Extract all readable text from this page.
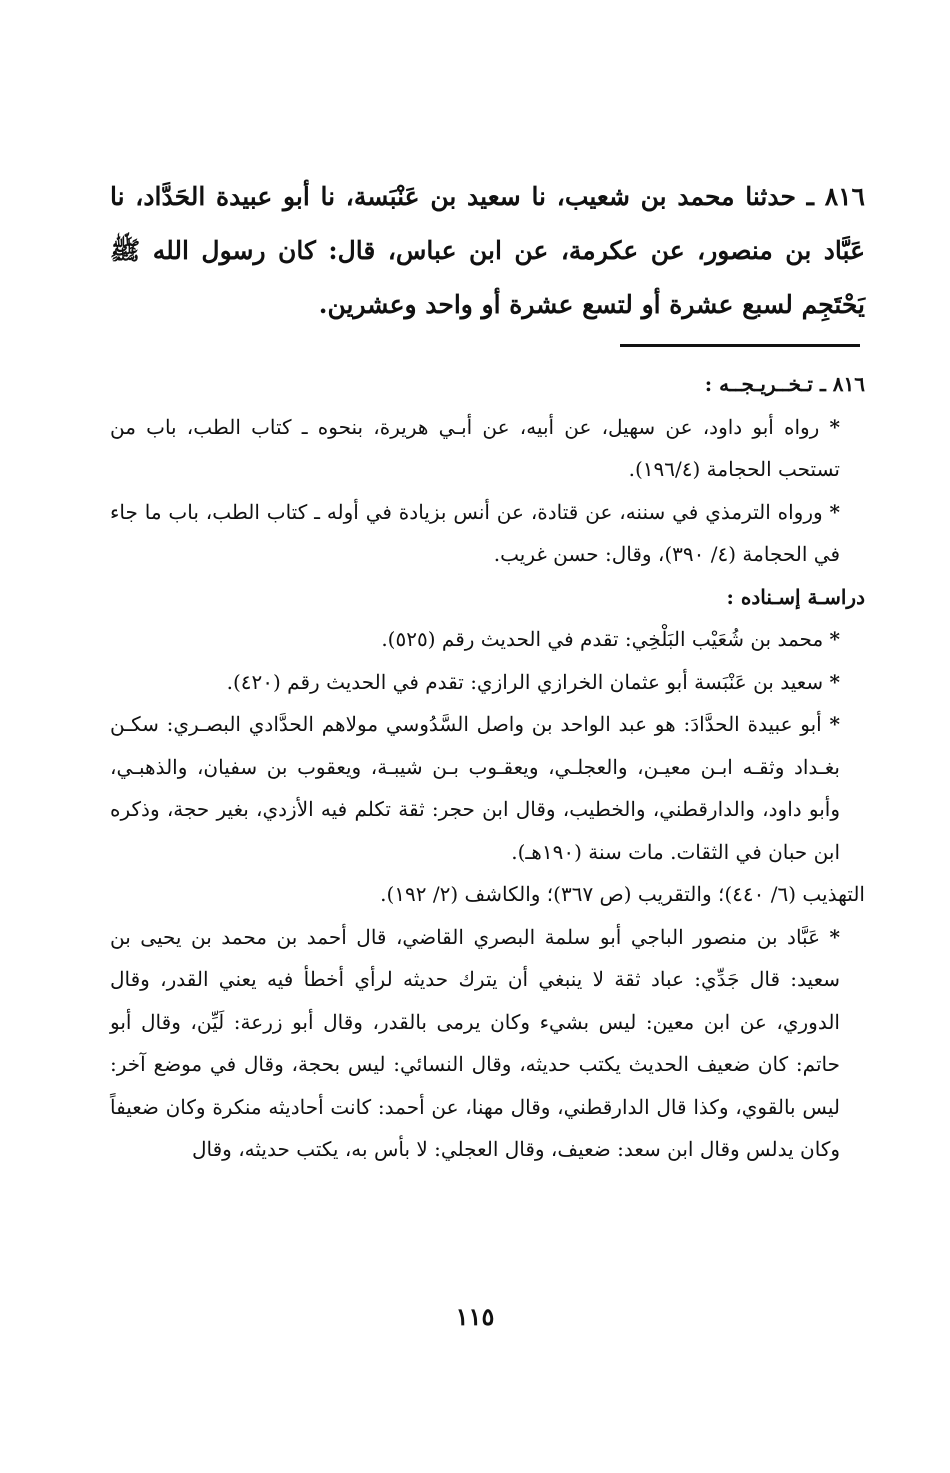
٨١٦ ـ حدثنا محمد بن شعيب، نا سعيد بن عَنْبَسة، نا أبو عبيدة الحَدَّاد، نا عَبَّاد بن منصور، عن عكرمة، عن ابن عباس، قال: كان رسول الله ﷺ يَحْتَجِم لسبع عشرة أو لتسع عشرة أو واحد وعشرين.

٨١٦ ـ تـخــريـجــه :

* رواه أبو داود، عن سهيل، عن أبيه، عن أبـي هريرة، بنحوه ـ كتاب الطب، باب من تستحب الحجامة (١٩٦/٤).

* ورواه الترمذي في سننه، عن قتادة، عن أنس بزيادة في أوله ـ كتاب الطب، باب ما جاء في الحجامة (٤/ ٣٩٠)، وقال: حسن غريب.

دراسـة إسـناده :

* محمد بن شُعَيْب البَلْخِي: تقدم في الحديث رقم (٥٢٥).

* سعيد بن عَنْبَسة أبو عثمان الخرازي الرازي: تقدم في الحديث رقم (٤٢٠).

* أبو عبيدة الحدَّادَ: هو عبد الواحد بن واصل السَّدُوسي مولاهم الحدَّادي البصـري: سكـن بغـداد وثقـه ابـن معيـن، والعجلـي، ويعقـوب بـن شيبـة، ويعقوب بن سفيان، والذهبـي، وأبو داود، والدارقطني، والخطيب، وقال ابن حجر: ثقة تكلم فيه الأزدي، بغير حجة، وذكره ابن حبان في الثقات. مات سنة (١٩٠هـ).

التهذيب (٦/ ٤٤٠)؛ والتقريب (ص ٣٦٧)؛ والكاشف (٢/ ١٩٢).

* عَبَّاد بن منصور الباجي أبو سلمة البصري القاضي، قال أحمد بن محمد بن يحيى بن سعيد: قال جَدِّي: عباد ثقة لا ينبغي أن يترك حديثه لرأي أخطأ فيه يعني القدر، وقال الدوري، عن ابن معين: ليس بشيء وكان يرمى بالقدر، وقال أبو زرعة: لَيِّن، وقال أبو حاتم: كان ضعيف الحديث يكتب حديثه، وقال النسائي: ليس بحجة، وقال في موضع آخر: ليس بالقوي، وكذا قال الدارقطني، وقال مهنا، عن أحمد: كانت أحاديثه منكرة وكان ضعيفاً وكان يدلس وقال ابن سعد: ضعيف، وقال العجلي: لا بأس به، يكتب حديثه، وقال

١١٥
